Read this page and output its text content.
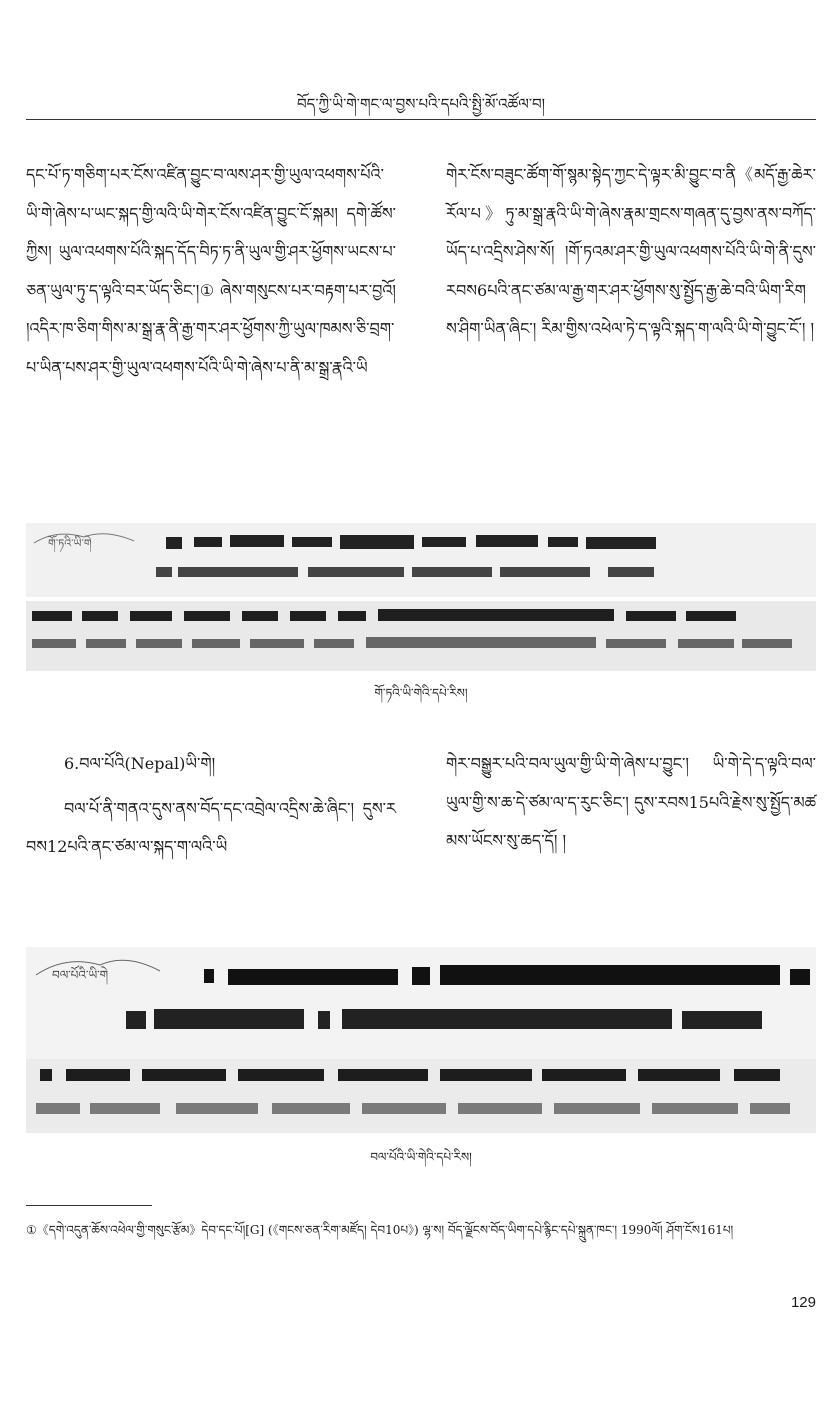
བོད་ཀྱི་ཡི་གེ་གང་ལ་བྱས་པའི་དཔའི་སྤྱི་མོ་འཚོལ་བ།
དང་པོ་ཏ་གཅིག་པར་ངོས་འཛིན་བྱུང་བ་ལས་ཤར་གྱི་ཡུལ་འཕགས་པོའི་ཡི་གེ་ཞེས་པ་ཡང་སྐད་གྱི་ལའི་ཡི་གེར་ངོས་འཛིན་བྱུང་ངོ་སྐམ། དགེ་ཚོས་ཀྱིས། ཡུལ་འཕགས་པོའི་སྐད་དོད་བིཏ་ཏ་ནི་ཡུལ་གྱི་ཤར་ཕྱོགས་ཡངས་པ་ཅན་ཡུལ་ཏུ་ད་ལྟའི་བར་ཡོད་ཅིང་།① ཞེས་གསུངས་པར་བརྟག་པར་བྱའོ། །འདིར་ཁ་ཅིག་གིས་མ་སྒྲ་རྣ་ནི་རྒྱ་གར་ཤར་ཕྱོགས་ཀྱི་ཡུལ་ཁམས་ཅི་བྲག་པ་ཡིན་པས་ཤར་གྱི་ཡུལ་འཕགས་པོའི་ཡི་གེ་ཞེས་པ་ནི་མ་སྒྲ་རྣའི་ཡི
གེར་ངོས་བཟུང་ཚོག་གོ་སྙམ་སྟེད་ཀྱང་དེ་ལྟར་མི་བྱུང་བ་ནི《མདོ་རྒྱ་ཆེར་རོལ་པ》ཏུ་མ་སྒྲ་རྣའི་ཡི་གེ་ཞེས་རྣམ་གྲངས་གཞན་དུ་བྱས་ནས་བཀོད་ཡོད་པ་འདྲིས་ཤེས་སོ། །གོ་ཏའམ་ཤར་གྱི་ཡུལ་འཕགས་པོའི་ཡི་གེ་ནི་དུས་རབས6པའི་ནང་ཙམ་ལ་རྒྱ་གར་ཤར་ཕྱོགས་སུ་སྤྱོད་རྒྱ་ཆེ་བའི་ཡིག་རིགས་ཤིག་ཡིན་ཞིང་། རིམ་གྱིས་འཕེལ་ཏེ་ད་ལྟའི་སྐད་ག་ལའི་ཡི་གེ་བྱུང་ངོ་། །
གོ་ཏའི་ཡི་གེ
གོ་ཏའི་ཡི་གེའི་དཔེ་རིས།
6.བལ་པོའི(Nepal)ཡི་གེ།
བལ་པོ་ནི་གནའ་དུས་ནས་བོད་དང་འབྲེལ་འདྲིས་ཆེ་ཞིང་། དུས་རབས12པའི་ནང་ཙམ་ལ་སྐད་ག་ལའི་ཡི
གེར་བསྒྱུར་པའི་བལ་ཡུལ་གྱི་ཡི་གེ་ཞེས་པ་བྱུང་། ཡི་གེ་དེ་ད་ལྟའི་བལ་ཡུལ་གྱི་ས་ཆ་དེ་ཙམ་ལ་ད་རུང་ཅིང་། དུས་རབས15པའི་རྗེས་སུ་སྤྱོད་མཚམས་ཡོངས་སུ་ཆད་དོ། །
བལ་པོའི་ཡི་གེ
བལ་པོའི་ཡི་གེའི་དཔེ་རིས།
①《དགེ་འདུན་ཆོས་འཕེལ་གྱི་གསུང་རྩོམ》དེབ་དང་པོ།[G] (《གངས་ཅན་རིག་མཛོད། དེབ10པ》) ལྷ་ས། བོད་ལྗོངས་བོད་ཡིག་དཔེ་རྙིང་དཔེ་སྐྲུན་ཁང་། 1990ལོ། ཤོག་ངོས161པ།
129
